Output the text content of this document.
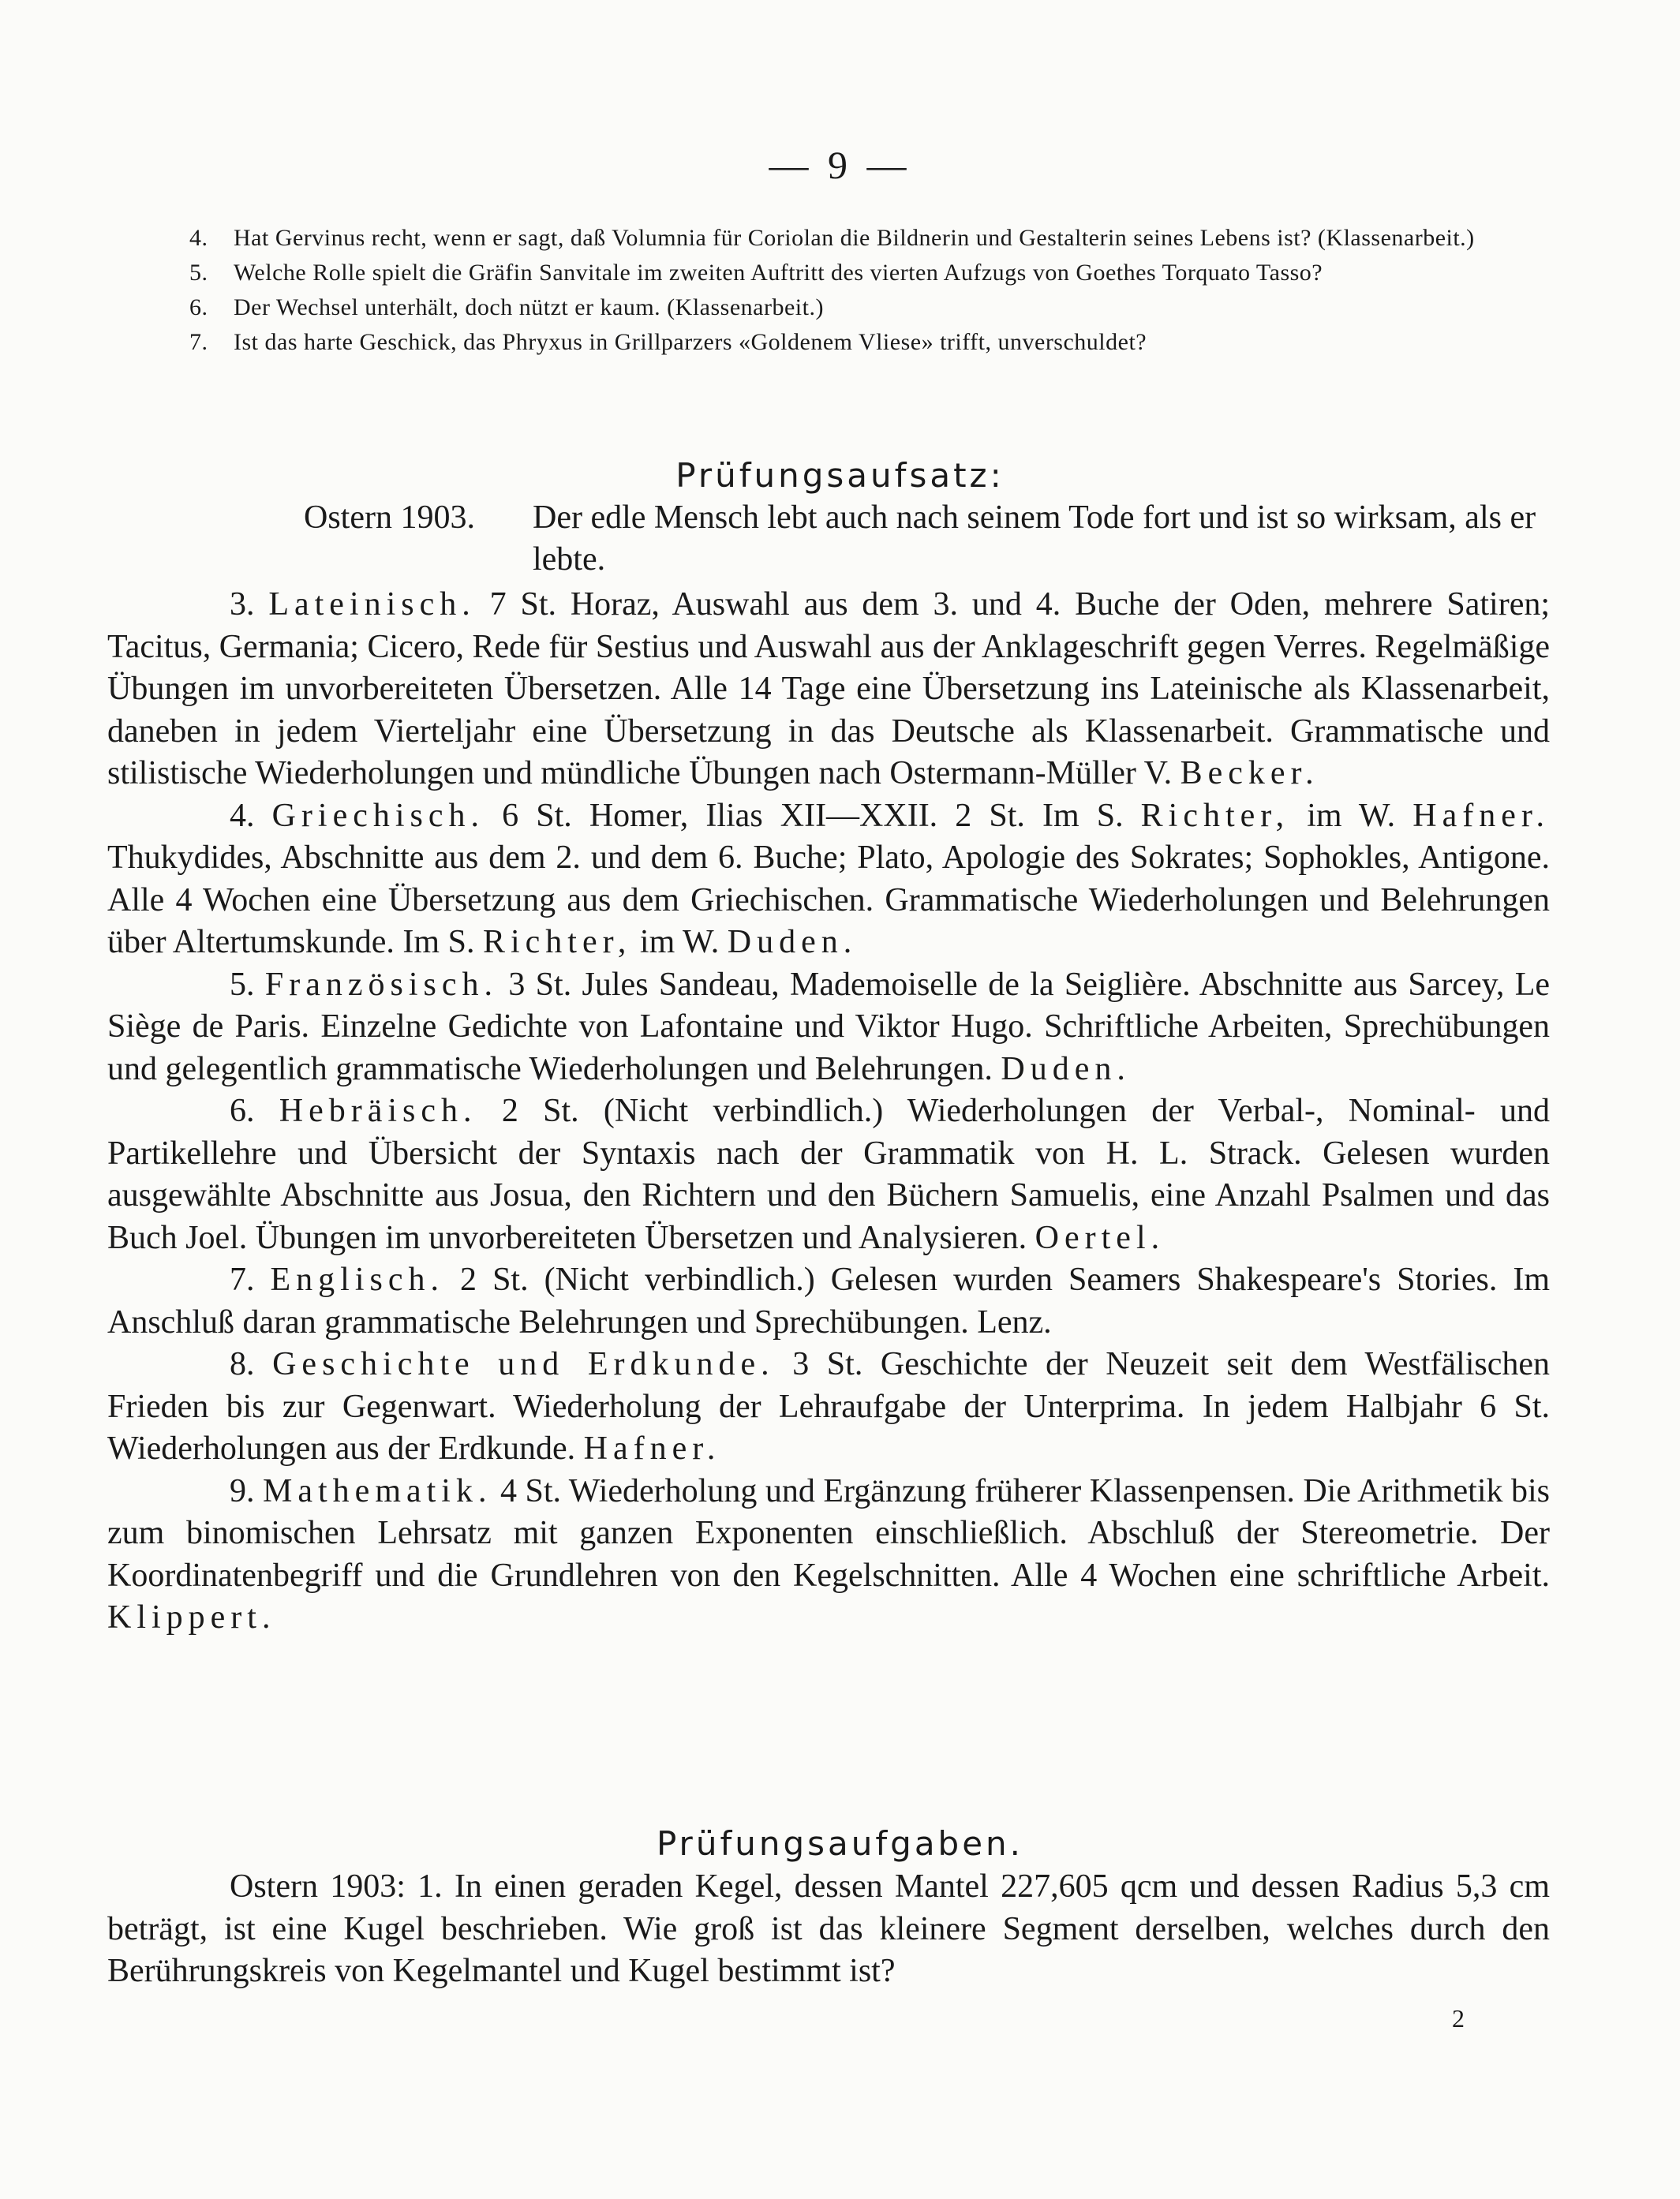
— 9 —
4.	Hat Gervinus recht, wenn er sagt, daß Volumnia für Coriolan die Bildnerin und Gestalterin seines Lebens ist? (Klassenarbeit.)
5.	Welche Rolle spielt die Gräfin Sanvitale im zweiten Auftritt des vierten Aufzugs von Goethes Torquato Tasso?
6.	Der Wechsel unterhält, doch nützt er kaum. (Klassenarbeit.)
7.	Ist das harte Geschick, das Phryxus in Grillparzers «Goldenem Vliese» trifft, unverschuldet?
Prüfungsaufsatz:
Ostern 1903.	Der edle Mensch lebt auch nach seinem Tode fort und ist so wirksam, als er lebte.

3. Lateinisch. 7 St. Horaz, Auswahl aus dem 3. und 4. Buche der Oden, mehrere Satiren; Tacitus, Germania; Cicero, Rede für Sestius und Auswahl aus der Anklageschrift gegen Verres. Regelmäßige Übungen im unvorbereiteten Übersetzen. Alle 14 Tage eine Übersetzung ins Lateinische als Klassenarbeit, daneben in jedem Vierteljahr eine Übersetzung in das Deutsche als Klassenarbeit. Grammatische und stilistische Wiederholungen und mündliche Übungen nach Ostermann-Müller V. Becker.

4. Griechisch. 6 St. Homer, Ilias XII—XXII. 2 St. Im S. Richter, im W. Hafner. Thukydides, Abschnitte aus dem 2. und dem 6. Buche; Plato, Apologie des Sokrates; Sophokles, Antigone. Alle 4 Wochen eine Übersetzung aus dem Griechischen. Grammatische Wiederholungen und Belehrungen über Altertumskunde. Im S. Richter, im W. Duden.

5. Französisch. 3 St. Jules Sandeau, Mademoiselle de la Seiglière. Abschnitte aus Sarcey, Le Siège de Paris. Einzelne Gedichte von Lafontaine und Viktor Hugo. Schriftliche Arbeiten, Sprechübungen und gelegentlich grammatische Wiederholungen und Belehrungen. Duden.

6. Hebräisch. 2 St. (Nicht verbindlich.) Wiederholungen der Verbal-, Nominal- und Partikellehre und Übersicht der Syntaxis nach der Grammatik von H. L. Strack. Gelesen wurden ausgewählte Abschnitte aus Josua, den Richtern und den Büchern Samuelis, eine Anzahl Psalmen und das Buch Joel. Übungen im unvorbereiteten Übersetzen und Analysieren. Oertel.

7. Englisch. 2 St. (Nicht verbindlich.) Gelesen wurden Seamers Shakespeare's Stories. Im Anschluß daran grammatische Belehrungen und Sprechübungen. Lenz.

8. Geschichte und Erdkunde. 3 St. Geschichte der Neuzeit seit dem Westfälischen Frieden bis zur Gegenwart. Wiederholung der Lehraufgabe der Unterprima. In jedem Halbjahr 6 St. Wiederholungen aus der Erdkunde. Hafner.

9. Mathematik. 4 St. Wiederholung und Ergänzung früherer Klassenpensen. Die Arithmetik bis zum binomischen Lehrsatz mit ganzen Exponenten einschließlich. Abschluß der Stereometrie. Der Koordinatenbegriff und die Grundlehren von den Kegelschnitten. Alle 4 Wochen eine schriftliche Arbeit. Klippert.

Prüfungsaufgaben.

Ostern 1903: 1. In einen geraden Kegel, dessen Mantel 227,605 qcm und dessen Radius 5,3 cm beträgt, ist eine Kugel beschrieben. Wie groß ist das kleinere Segment derselben, welches durch den Berührungskreis von Kegelmantel und Kugel bestimmt ist?

2
